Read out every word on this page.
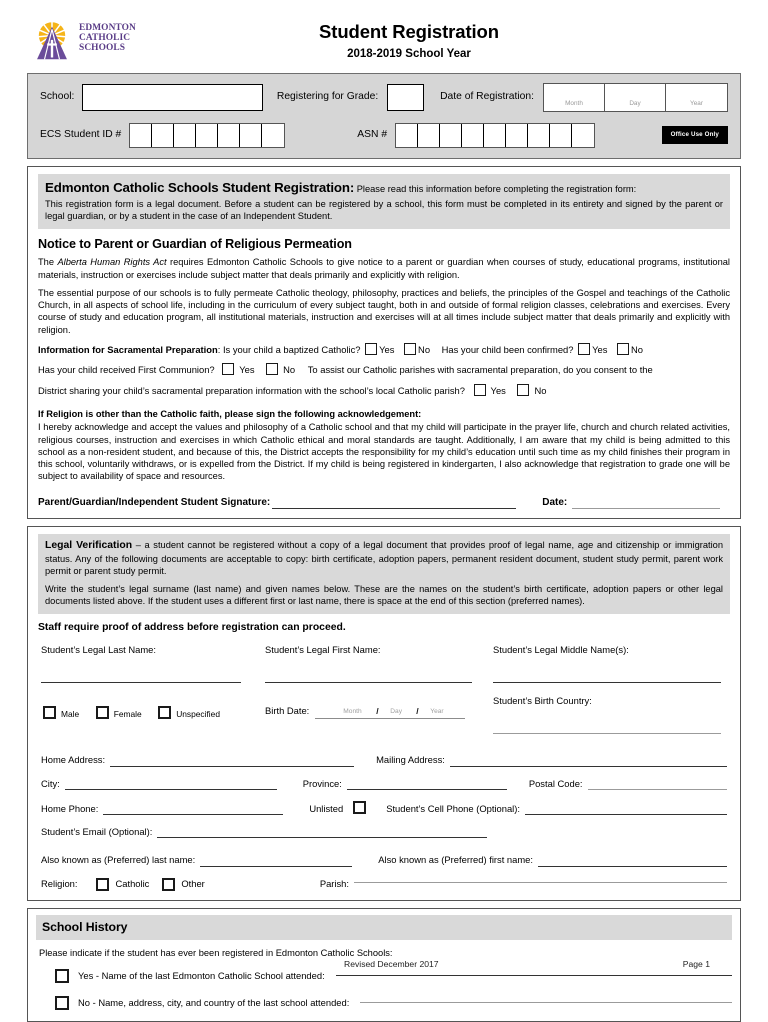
EDMONTON
CATHOLIC
SCHOOLS
Student Registration
2018-2019 School Year
School:	Registering for Grade:	Date of Registration:
Month	Day	Year
ECS Student ID #	ASN #	Office Use Only

Edmonton Catholic Schools Student Registration: Please read this information before completing the registration form:

This registration form is a legal document. Before a student can be registered by a school, this form must be completed in its entirety and signed by the parent or legal guardian, or by a student in the case of an Independent Student.

Notice to Parent or Guardian of Religious Permeation

The Alberta Human Rights Act requires Edmonton Catholic Schools to give notice to a parent or guardian when courses of study, educational programs, institutional materials, instruction or exercises include subject matter that deals primarily and explicitly with religion.

The essential purpose of our schools is to fully permeate Catholic theology, philosophy, practices and beliefs, the principles of the Gospel and teachings of the Catholic Church, in all aspects of school life, including in the curriculum of every subject taught, both in and outside of formal religion classes, celebrations and exercises. Every course of study and education program, all institutional materials, instruction and exercises will at all times include subject matter that deals primarily and explicitly with religion.

Information for Sacramental Preparation: Is your child a baptized Catholic? Yes	No Has your child been confirmed? Yes	No
Has your child received First Communion?	Yes	No To assist our Catholic parishes with sacramental preparation, do you consent to the
District sharing your child’s sacramental preparation information with the school’s local Catholic parish?	Yes	No

If Religion is other than the Catholic faith, please sign the following acknowledgement:

I hereby acknowledge and accept the values and philosophy of a Catholic school and that my child will participate in the prayer life, church and church related activities, religious courses, instruction and exercises in which Catholic ethical and moral standards are taught. Additionally, I am aware that my child is being admitted to this school as a non-resident student, and because of this, the District accepts the responsibility for my child’s education until such time as my child finishes their program in this school, voluntarily withdraws, or is expelled from the District. If my child is being registered in kindergarten, I also acknowledge that registration to grade one will be subject to availability of space and resources.

Parent/Guardian/Independent Student Signature:	Date:

Legal Verification – a student cannot be registered without a copy of a legal document that provides proof of legal name, age and citizenship or immigration status. Any of the following documents are acceptable to copy: birth certificate, adoption papers, permanent resident document, student study permit, parent work permit or parent study permit.

Write the student’s legal surname (last name) and given names below. These are the names on the student’s birth certificate, adoption papers or other legal documents listed above. If the student uses a different first or last name, there is space at the end of this section (preferred names).

Staff require proof of address before registration can proceed.

Student’s Legal Last Name:	Student’s Legal First Name:	Student’s Legal Middle Name(s):
Male	Female	Unspecified	Birth Date:	Month / Day / Year
Student’s Birth Country:
Home Address:	Mailing Address:
City:	Province:	Postal Code:
Home Phone:	Unlisted	Student’s Cell Phone (Optional):
Student’s Email (Optional):
Also known as (Preferred) last name:	Also known as (Preferred) first name:
Religion:	Catholic	Other	Parish:
School History

Please indicate if the student has ever been registered in Edmonton Catholic Schools:

Yes - Name of the last Edmonton Catholic School attended:
No - Name, address, city, and country of the last school attended:
Revised December 2017	Page 1
